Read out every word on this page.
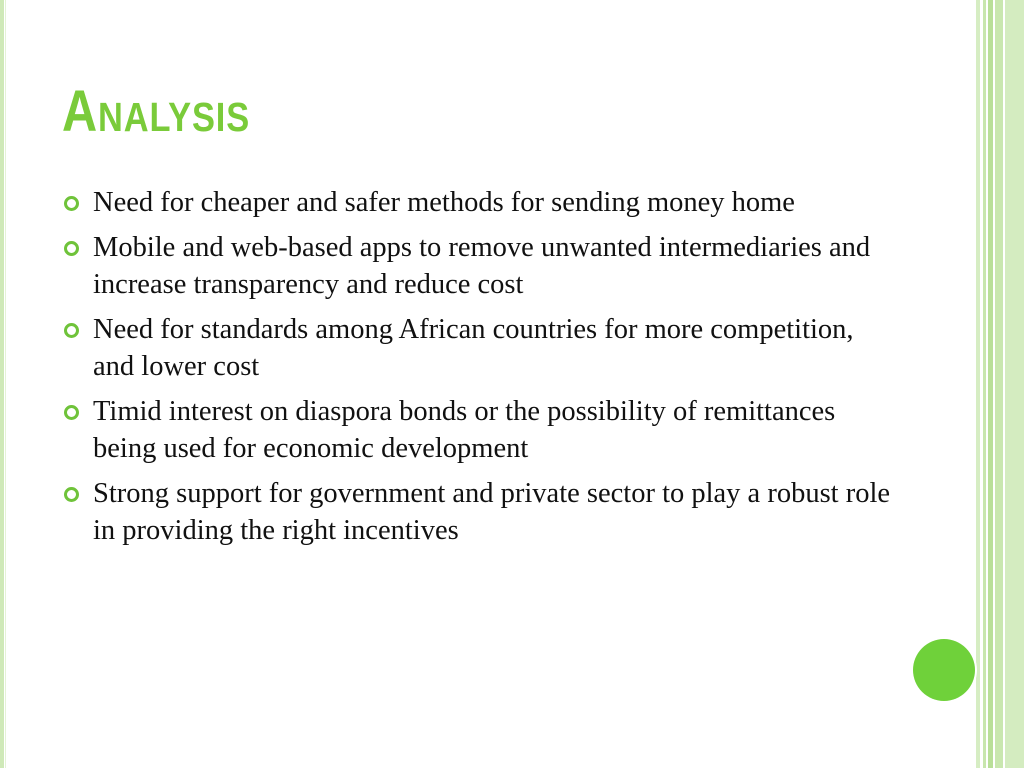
Analysis
Need for cheaper and safer methods for sending money home
Mobile and web-based apps to remove unwanted intermediaries and increase transparency and reduce cost
Need for standards among African countries for more competition, and lower cost
Timid interest on diaspora bonds or the possibility of remittances being used for economic development
Strong support for government and private sector to play a robust role in providing the right incentives
